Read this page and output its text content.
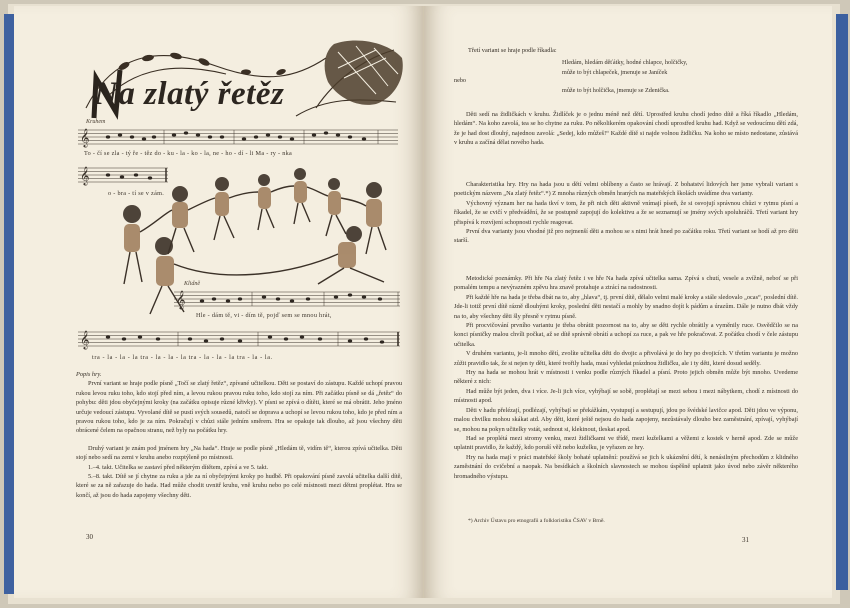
Na zlatý řetěz
𝄞
Kruhem
To - čí se zla - tý ře - těz do - ku - la - ko - la, ne - ho - dí - li Ma - ry - nka
𝄞
o - bra - tí se v zám.
𝄞
Klidně
Hle - dám tě, vi - dím tě, pojď sem se mnou hrát,
𝄞
tra - la - la - la tra - la - la - la tra - la - la - la tra - la - la.

Popis hry.

První variant se hraje podle písně „Točí se zlatý řetěz“, zpívané učitelkou. Děti se postaví do zástupu. Každé uchopí pravou rukou levou ruku toho, kdo stojí před ním, a levou rukou pravou ruku toho, kdo stojí za ním. Při začátku písně se dá „řetěz“ do pohybu: děti jdou obyčejnými kroky (na začátku opisuje různé křivky). V písni se zpívá o dítěti, které se má obrátit. Jeho jméno určuje vedoucí zástupu. Vyvolané dítě se pustí svých sousedů, natočí se doprava a uchopí se levou rukou toho, kdo je před ním a pravou rukou toho, kdo je za ním. Pokračují v chůzi stále jedním směrem. Hra se opakuje tak dlouho, až jsou všechny děti obrácené čelem na opačnou stranu, než byly na počátku hry.

Druhý variant je znám pod jménem hry „Na hada“. Hraje se podle písně „Hledám tě, vidím tě“, kterou zpívá učitelka. Děti stojí nebo sedí na zemi v kruhu anebo rozptýleně po místnosti.

1.–4. takt. Učitelka se zastaví před některým dítětem, zpívá a ve 5. takt.

5.–8. takt. Dítě se jí chytne za ruku a jde za ní obyčejnými kroky po hudbě. Při opakování písně zavolá učitelka další dítě, které se za ně zařazuje do hada. Had může chodit uvnitř kruhu, vně kruhu nebo po celé místnosti mezi dětmi proplétat. Hra se končí, až jsou do hada zapojeny všechny děti.

30

Třetí variant se hraje podle říkadla:

Hledám, hledám děťátky, hodné chlapce, holčičky,
může to být chlapeček, jmenuje se Janíček
nebo
může to být holčička, jmenuje se Zdenička.

Děti sedí na židličkách v kruhu. Židlíček je o jednu méně než dětí. Uprostřed kruhu chodí jedno dítě a říká říkadlo „Hledám, hledám“. Na koho zavolá, tea se ho chytne za ruku. Po několikerém opakování chodí uprostřed kruhu had. Když se vedoucímu dětí zdá, že je had dost dlouhý, najednou zavolá: „Sedej, kdo můžeš!“ Každé dítě si najde volnou židličku. Na koho se místo nedostane, zůstává v kruhu a začíná dělat nového hada.

Charakteristika hry. Hry na hada jsou u dětí velmi oblíbeny a často se hrávají. Z bohatství lidových her jsme vybrali variant s poetickým názvem „Na zlatý řetěz“.*) Z mnoha různých obměn hraných na mateřských školách uvádíme dva varianty.

Výchovný význam her na hada tkví v tom, že při nich děti aktivně vnímají píseň, že si osvojují správnou chůzi v rytmu písní a říkadel, že se cvičí v předvádění, že se postupně zapojují do kolektivu a že se seznamují se jmény svých spoluhráčů. Třetí variant hry přispívá k rozvíjení schopnosti rychle reagovat.

První dva varianty jsou vhodné již pro nejmenší děti a mohou se s nimi hrát hned po začátku roku. Třetí variant se hodí až pro děti starší.

Metodické poznámky. Při hře Na zlatý řetěz i ve hře Na hada zpívá učitelka sama. Zpívá s chutí, vesele a zvížně, neboť se při pomalém tempu a nevýrazném zpěvu hra znavě protahuje a ztrácí na radostnosti.

Při každé hře na hada je třeba dbát na to, aby „hlava“, tj. první dítě, dělalo velmi malé kroky a stále sledovalo „ocas“, poslední dítě. Jde-li totiž první dítě rázně dlouhými kroky, poslední děti nestačí a mohly by snadno dojít k pádům a úrazům. Dále je nutno dbát vždy na to, aby všechny děti šly přesně v rytmu písně.

Při procvičování prvního variantu je třeba obrátit pozornost na to, aby se děti rychle obrátily a vyměnily ruce. Osvědčilo se na konci písničky malou chvíli počkat, až se dítě správně obrátí a uchopí za ruce, a pak ve hře pokračovat. Z počátku chodí v čele zástupu učitelka.

V druhém variantu, je-li mnoho dětí, zvolíte učitelka děti do dvojic a přivolává je do hry po dvojicích. V třetím variantu je možno zůžit pravidlo tak, že si nejen ty děti, které tvořily hada, musí vyhledat prázdnou židličku, ale i ty děti, které dosud seděly.

Hry na hada se mohou hrát v místnosti i venku podle různých říkadel a písní. Proto jejich obměn může být mnoho. Uvedeme některé z nich:

Had může být jeden, dva i více. Je-li jich více, vyhýbají se sobě, proplétají se mezi sebou i mezi nábytkem, chodí z místnosti do místnosti apod.

Děti v hadu přelézají, podlézají, vyhýbají se překážkám, vystupují a sestupují, jdou po švédské lavičce apod. Děti jdou ve výponu, malou chvilku mohou skákat atd. Aby děti, které ještě nejsou do hada zapojeny, nezůstávaly dlouho bez zaměstnání, zpívají, vyhýbají se, mohou na pokyn učitelky vstát, sednout si, klekinout, tleskat apod.

Had se proplétá mezi stromy venku, mezi židličkami ve třídě, mezi kuželkami a věžemi z kostek v herně apod. Zde se může uplatnit pravidlo, že každý, kdo poruší věž nebo kuželku, je vyřazen ze hry.

Hry na hada mají v práci mateřské školy bohaté uplatnění: používá se jich k ukáznění dětí, k nenásilným přechodům z klidného zaměstnání do cvičební a naopak. Na besídkách a školních slavnostech se mohou úspěšně uplatnit jako úvod nebo závěr některého hromadného výstupu.

*) Archiv Ústavu pro etnografii a folkloristiku ČSAV v Brně.
31
